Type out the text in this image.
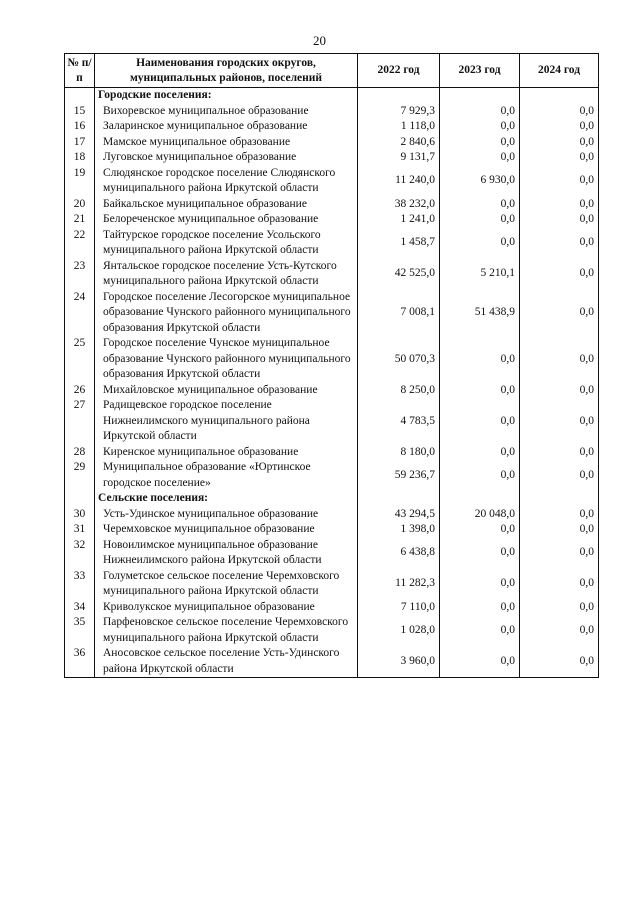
20
№ п/п	Наименования городских округов, муниципальных районов, поселений	2022 год	2023 год	2024 год
	Городские поселения:			
15	Вихоревское муниципальное образование	7 929,3	0,0	0,0
16	Заларинское муниципальное образование	1 118,0	0,0	0,0
17	Мамское муниципальное образование	2 840,6	0,0	0,0
18	Луговское муниципальное образование	9 131,7	0,0	0,0
19	Слюдянское городское поселение Слюдянского муниципального района Иркутской области	11 240,0	6 930,0	0,0
20	Байкальское муниципальное образование	38 232,0	0,0	0,0
21	Белореченское муниципальное образование	1 241,0	0,0	0,0
22	Тайтурское городское поселение Усольского муниципального района Иркутской области	1 458,7	0,0	0,0
23	Янтальское городское поселение Усть-Кутского муниципального района Иркутской области	42 525,0	5 210,1	0,0
24	Городское поселение Лесогорское муниципальное образование Чунского районного муниципального образования Иркутской области	7 008,1	51 438,9	0,0
25	Городское поселение Чунское муниципальное образование Чунского районного муниципального образования Иркутской области	50 070,3	0,0	0,0
26	Михайловское муниципальное образование	8 250,0	0,0	0,0
27	Радищевское городское поселение Нижнеилимского муниципального района Иркутской области	4 783,5	0,0	0,0
28	Киренское муниципальное образование	8 180,0	0,0	0,0
29	Муниципальное образование «Юртинское городское поселение»	59 236,7	0,0	0,0
	Сельские поселения:			
30	Усть-Удинское муниципальное образование	43 294,5	20 048,0	0,0
31	Черемховское муниципальное образование	1 398,0	0,0	0,0
32	Новоилимское муниципальное образование Нижнеилимского района Иркутской области	6 438,8	0,0	0,0
33	Голуметское сельское поселение Черемховского муниципального района Иркутской области	11 282,3	0,0	0,0
34	Криволукское муниципальное образование	7 110,0	0,0	0,0
35	Парфеновское сельское поселение Черемховского муниципального района Иркутской области	1 028,0	0,0	0,0
36	Аносовское сельское поселение Усть-Удинского района Иркутской области	3 960,0	0,0	0,0
